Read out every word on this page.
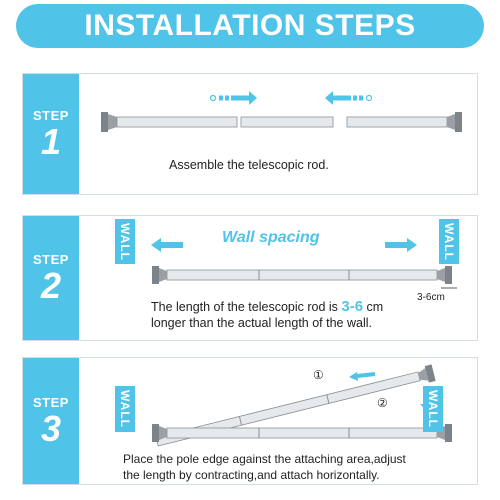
INSTALLATION STEPS
STEP
1
Assemble the telescopic rod.
STEP
2
WALL	WALL
The length of the telescopic rod is 3-6 cm
longer than the actual length of the wall.
Wall spacing
3-6cm
STEP
3	WALL	WALL
①
②
Place the pole edge against the attaching area,adjust
the length by contracting,and attach horizontally.
